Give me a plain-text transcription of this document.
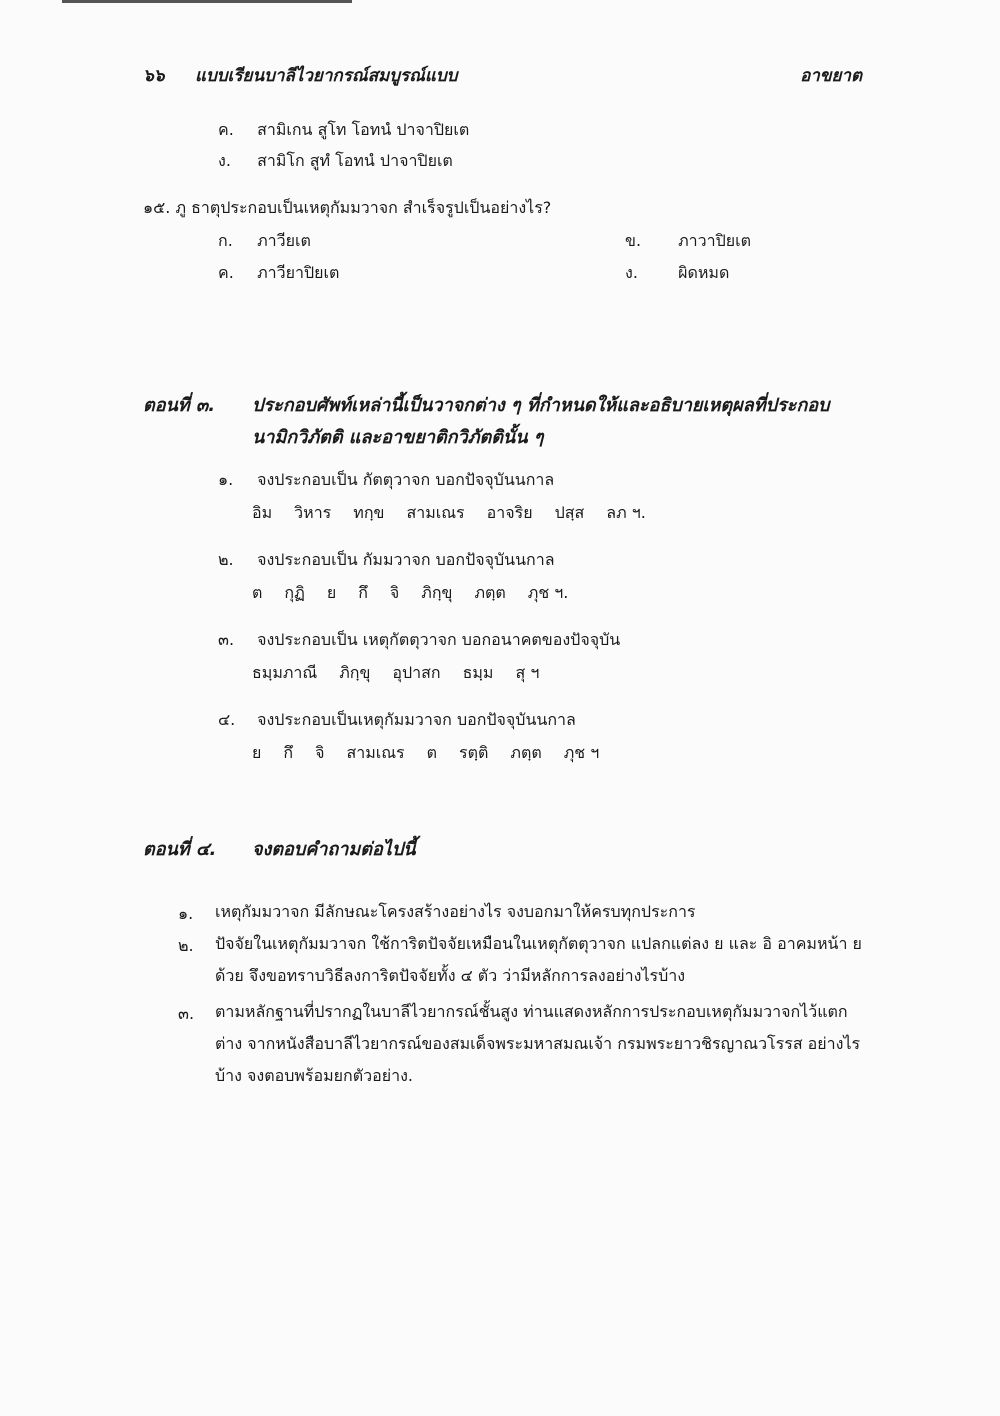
๖๖ แบบเรียนบาลีไวยากรณ์สมบูรณ์แบบ	อาขยาต
ค. สามิเกน สูโท โอทนํ ปาจาปิยเต
ง. สามิโก สูทํ โอทนํ ปาจาปิยเต
๑๕. ภู ธาตุประกอบเป็นเหตุกัมมวาจก สำเร็จรูปเป็นอย่างไร?
ก. ภาวียเต	ข. ภาวาปิยเต
ค. ภาวียาปิยเต	ง.	ผิดหมด
ตอนที่ ๓. ประกอบศัพท์เหล่านี้เป็นวาจกต่าง ๆ ที่กำหนดให้และอธิบายเหตุผลที่ประกอบ
นามิกวิภัตติ และอาขยาติกวิภัตตินั้น ๆ
๑. จงประกอบเป็น กัตตุวาจก บอกปัจจุบันนกาล
อิม วิหาร ทกฺข สามเณร อาจริย ปสฺส ลภ ฯ.
๒. จงประกอบเป็น กัมมวาจก บอกปัจจุบันนกาล
ต กุฏิ ย กึ จิ ภิกฺขุ ภตฺต ภุช ฯ.
๓. จงประกอบเป็น เหตุกัตตุวาจก บอกอนาคตของปัจจุบัน
ธมฺมภาณี ภิกฺขุ อุปาสก ธมฺม สุ ฯ
๔. จงประกอบเป็นเหตุกัมมวาจก บอกปัจจุบันนกาล
ย กึ จิ สามเณร ต รตฺติ ภตฺต ภุช ฯ
ตอนที่ ๔. จงตอบคำถามต่อไปนี้
๑. เหตุกัมมวาจก มีลักษณะโครงสร้างอย่างไร จงบอกมาให้ครบทุกประการ
๒. ปัจจัยในเหตุกัมมวาจก ใช้การิตปัจจัยเหมือนในเหตุกัตตุวาจก แปลกแต่ลง ย และ อิ อาคมหน้า ย ด้วย จึงขอทราบวิธีลงการิตปัจจัยทั้ง ๔ ตัว ว่ามีหลักการลงอย่างไรบ้าง
๓. ตามหลักฐานที่ปรากฏในบาลีไวยากรณ์ชั้นสูง ท่านแสดงหลักการประกอบเหตุกัมมวาจกไว้แตกต่าง จากหนังสือบาลีไวยากรณ์ของสมเด็จพระมหาสมณเจ้า กรมพระยาวชิรญาณวโรรส อย่างไรบ้าง จงตอบพร้อมยกตัวอย่าง.
